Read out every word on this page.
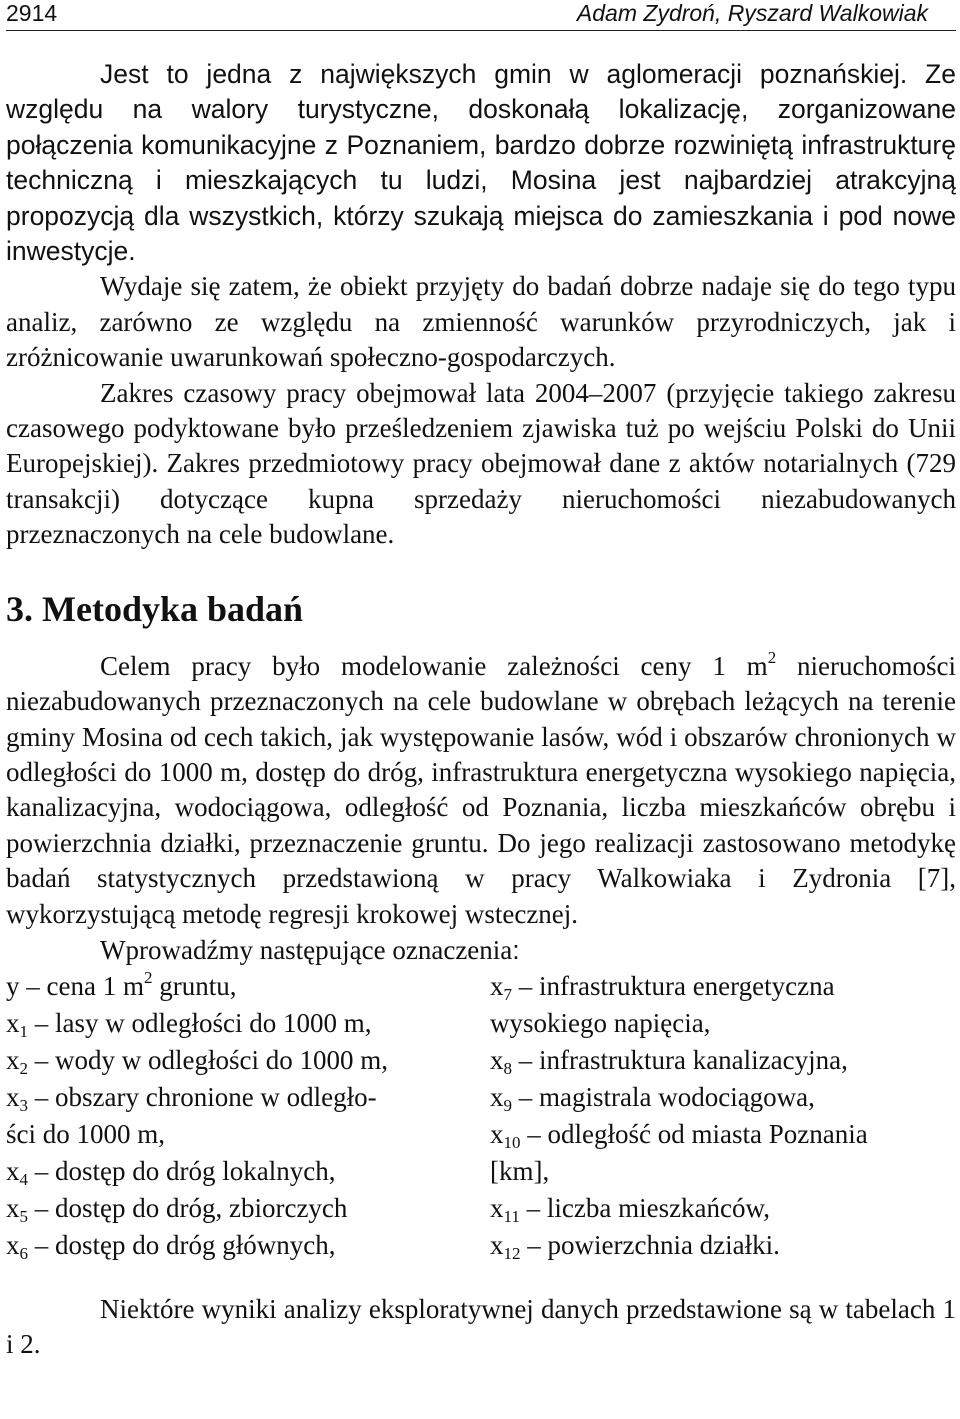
2914	Adam Zydroń, Ryszard Walkowiak

Jest to jedna z największych gmin w aglomeracji poznańskiej. Ze względu na walory turystyczne, doskonałą lokalizację, zorganizowane połączenia komunikacyjne z Poznaniem, bardzo dobrze rozwiniętą infrastrukturę techniczną i mieszkających tu ludzi, Mosina jest najbardziej atrakcyjną propozycją dla wszystkich, którzy szukają miejsca do zamieszkania i pod nowe inwestycje.

Wydaje się zatem, że obiekt przyjęty do badań dobrze nadaje się do tego typu analiz, zarówno ze względu na zmienność warunków przyrodniczych, jak i zróżnicowanie uwarunkowań społeczno-gospodarczych.

Zakres czasowy pracy obejmował lata 2004–2007 (przyjęcie takiego zakresu czasowego podyktowane było prześledzeniem zjawiska tuż po wejściu Polski do Unii Europejskiej). Zakres przedmiotowy pracy obejmował dane z aktów notarialnych (729 transakcji) dotyczące kupna sprzedaży nieruchomości niezabudowanych przeznaczonych na cele budowlane.

3. Metodyka badań

Celem pracy było modelowanie zależności ceny 1 $m^2$ nieruchomości niezabudowanych przeznaczonych na cele budowlane w obrębach leżących na terenie gminy Mosina od cech takich, jak występowanie lasów, wód i obszarów chronionych w odległości do 1000 m, dostęp do dróg, infrastruktura energetyczna wysokiego napięcia, kanalizacyjna, wodociągowa, odległość od Poznania, liczba mieszkańców obrębu i powierzchnia działki, przeznaczenie gruntu. Do jego realizacji zastosowano metodykę badań statystycznych przedstawioną w pracy Walkowiaka i Zydronia [7], wykorzystującą metodę regresji krokowej wstecznej.

Wprowadźmy następujące oznaczenia:

y – cena 1 $m^2$ gruntu,
$x_1$ – lasy w odległości do 1000 m,
$x_2$ – wody w odległości do 1000 m,
$x_3$ – obszary chronione w odległo-
ści do 1000 m,
$x_4$ – dostęp do dróg lokalnych,
$x_5$ – dostęp do dróg, zbiorczych
$x_6$ – dostęp do dróg głównych,
$x_7$ – infrastruktura energetyczna
wysokiego napięcia,
$x_8$ – infrastruktura kanalizacyjna,
$x_9$ – magistrala wodociągowa,
$x_{10}$ – odległość od miasta Poznania
[km],
$x_{11}$ – liczba mieszkańców,
$x_{12}$ – powierzchnia działki.

Niektóre wyniki analizy eksploratywnej danych przedstawione są w tabelach 1 i 2.
